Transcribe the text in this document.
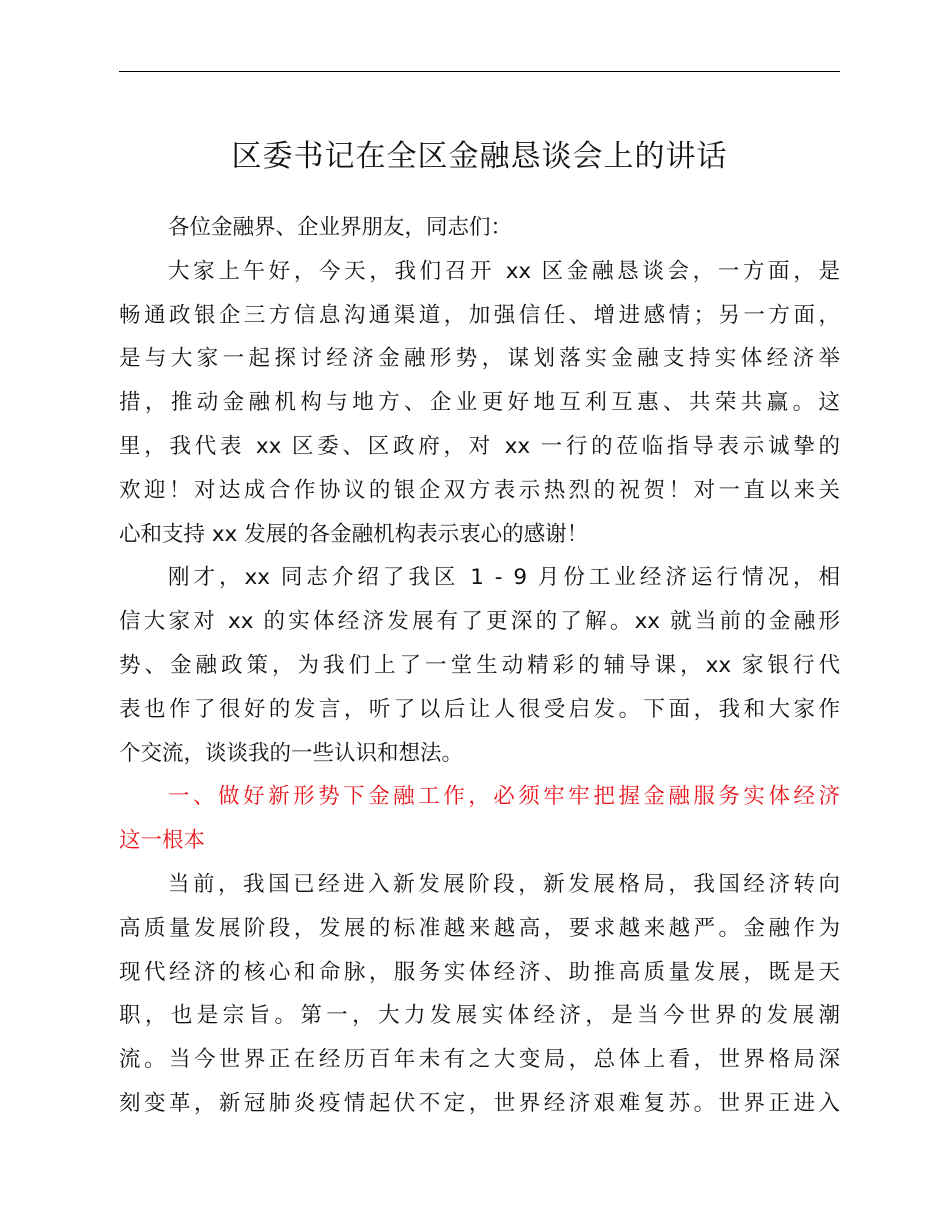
区委书记在全区金融恳谈会上的讲话
各位金融界、企业界朋友，同志们：
大家上午好，今天，我们召开 xx 区金融恳谈会，一方面，是
畅通政银企三方信息沟通渠道，加强信任、增进感情；另一方面，
是与大家一起探讨经济金融形势，谋划落实金融支持实体经济举
措，推动金融机构与地方、企业更好地互利互惠、共荣共赢。这
里，我代表 xx 区委、区政府，对 xx 一行的莅临指导表示诚挚的
欢迎！对达成合作协议的银企双方表示热烈的祝贺！对一直以来关
心和支持 xx 发展的各金融机构表示衷心的感谢！
刚才，xx 同志介绍了我区 1 - 9 月份工业经济运行情况，相
信大家对 xx 的实体经济发展有了更深的了解。xx 就当前的金融形
势、金融政策，为我们上了一堂生动精彩的辅导课，xx 家银行代
表也作了很好的发言，听了以后让人很受启发。下面，我和大家作
个交流，谈谈我的一些认识和想法。
一、做好新形势下金融工作，必须牢牢把握金融服务实体经济
这一根本
当前，我国已经进入新发展阶段，新发展格局，我国经济转向
高质量发展阶段，发展的标准越来越高，要求越来越严。金融作为
现代经济的核心和命脉，服务实体经济、助推高质量发展，既是天
职，也是宗旨。第一，大力发展实体经济，是当今世界的发展潮
流。当今世界正在经历百年未有之大变局，总体上看，世界格局深
刻变革，新冠肺炎疫情起伏不定，世界经济艰难复苏。世界正进入
